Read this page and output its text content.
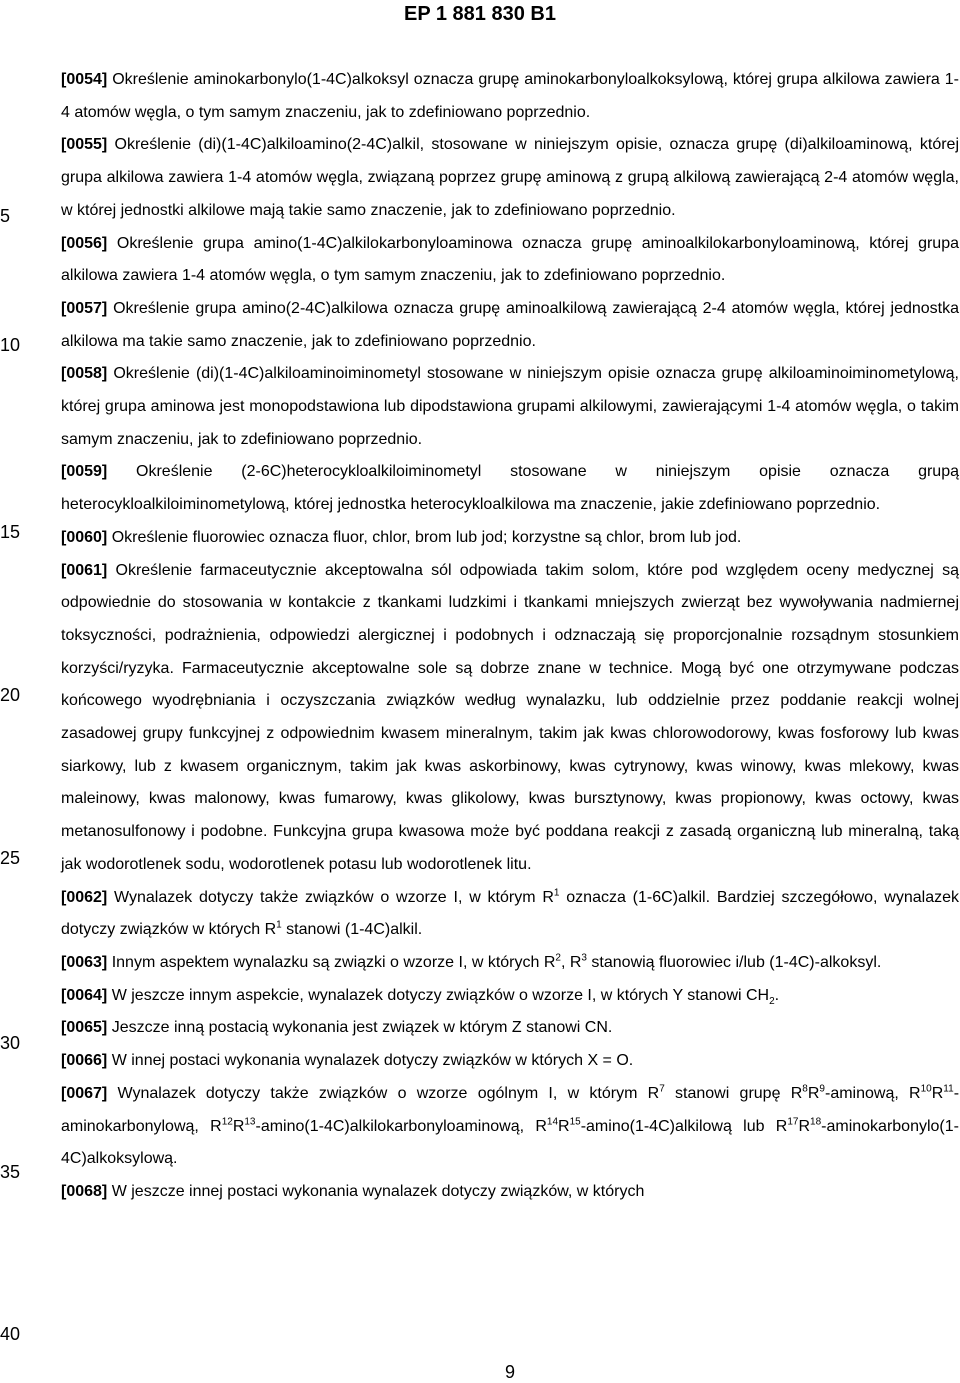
EP 1 881 830 B1
5
10
15
20
25
30
35
40

[0054] Określenie aminokarbonylo(1-4C)alkoksyl oznacza grupę aminokarbonyloalkoksylową, której grupa alkilowa zawiera 1-4 atomów węgla, o tym samym znaczeniu, jak to zdefiniowano poprzednio.

[0055] Określenie (di)(1-4C)alkiloamino(2-4C)alkil, stosowane w niniejszym opisie, oznacza grupę (di)alkiloaminową, której grupa alkilowa zawiera 1-4 atomów węgla, związaną poprzez grupę aminową z grupą alkilową zawierającą 2-4 atomów węgla, w której jednostki alkilowe mają takie samo znaczenie, jak to zdefiniowano poprzednio.

[0056] Określenie grupa amino(1-4C)alkilokarbonyloaminowa oznacza grupę aminoalkilokarbonyloaminową, której grupa alkilowa zawiera 1-4 atomów węgla, o tym samym znaczeniu, jak to zdefiniowano poprzednio.

[0057] Określenie grupa amino(2-4C)alkilowa oznacza grupę aminoalkilową zawierającą 2-4 atomów węgla, której jednostka alkilowa ma takie samo znaczenie, jak to zdefiniowano poprzednio.

[0058] Określenie (di)(1-4C)alkiloaminoiminometyl stosowane w niniejszym opisie oznacza grupę alkiloaminoiminometylową, której grupa aminowa jest monopodstawiona lub dipodstawiona grupami alkilowymi, zawierającymi 1-4 atomów węgla, o takim samym znaczeniu, jak to zdefiniowano poprzednio.

[0059] Określenie (2-6C)heterocykloalkiloiminometyl stosowane w niniejszym opisie oznacza grupą heterocykloalkiloiminometylową, której jednostka heterocykloalkilowa ma znaczenie, jakie zdefiniowano poprzednio.

[0060] Określenie fluorowiec oznacza fluor, chlor, brom lub jod; korzystne są chlor, brom lub jod.

[0061] Określenie farmaceutycznie akceptowalna sól odpowiada takim solom, które pod względem oceny medycznej są odpowiednie do stosowania w kontakcie z tkankami ludzkimi i tkankami mniejszych zwierząt bez wywoływania nadmiernej toksyczności, podrażnienia, odpowiedzi alergicznej i podobnych i odznaczają się proporcjonalnie rozsądnym stosunkiem korzyści/ryzyka. Farmaceutycznie akceptowalne sole są dobrze znane w technice. Mogą być one otrzymywane podczas końcowego wyodrębniania i oczyszczania związków według wynalazku, lub oddzielnie przez poddanie reakcji wolnej zasadowej grupy funkcyjnej z odpowiednim kwasem mineralnym, takim jak kwas chlorowodorowy, kwas fosforowy lub kwas siarkowy, lub z kwasem organicznym, takim jak kwas askorbinowy, kwas cytrynowy, kwas winowy, kwas mlekowy, kwas maleinowy, kwas malonowy, kwas fumarowy, kwas glikolowy, kwas bursztynowy, kwas propionowy, kwas octowy, kwas metanosulfonowy i podobne. Funkcyjna grupa kwasowa może być poddana reakcji z zasadą organiczną lub mineralną, taką jak wodorotlenek sodu, wodorotlenek potasu lub wodorotlenek litu.

[0062] Wynalazek dotyczy także związków o wzorze I, w którym $R^1$ oznacza (1-6C)alkil. Bardziej szczegółowo, wynalazek dotyczy związków w których $R^1$ stanowi (1-4C)alkil.

[0063] Innym aspektem wynalazku są związki o wzorze I, w których $R^2$, $R^3$ stanowią fluorowiec i/lub (1-4C)-alkoksyl.

[0064] W jeszcze innym aspekcie, wynalazek dotyczy związków o wzorze I, w których Y stanowi $CH_2$.

[0065] Jeszcze inną postacią wykonania jest związek w którym Z stanowi CN.

[0066] W innej postaci wykonania wynalazek dotyczy związków w których X = O.

[0067] Wynalazek dotyczy także związków o wzorze ogólnym I, w którym $R^7$ stanowi grupę $R^8R^9$-aminową, $R^{10}R^{11}$-aminokarbonylową, $R^{12}R^{13}-amino(1-4C)alkilokarbonyloaminową$, $R^{14}R^{15}-amino(1-4C)alkilową$ lub $R^{17}R^{18}-aminokarbonylo(1-4C)alkoksylową$.

[0068] W jeszcze innej postaci wykonania wynalazek dotyczy związków, w których

9
